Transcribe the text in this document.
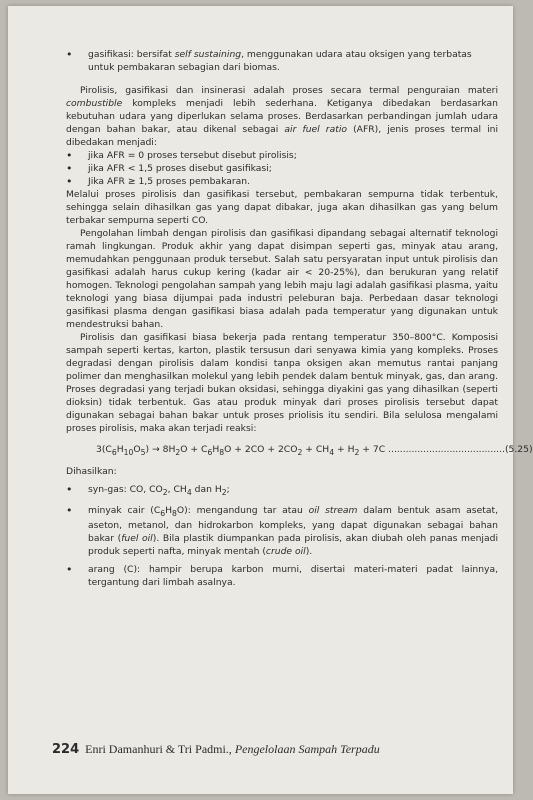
• gasifikasi: bersifat self sustaining, menggunakan udara atau oksigen yang terbatas untuk pembakaran sebagian dari biomas.

Pirolisis, gasifikasi dan insinerasi adalah proses secara termal penguraian materi combustible kompleks menjadi lebih sederhana. Ketiganya dibedakan berdasarkan kebutuhan udara yang diperlukan selama proses. Berdasarkan perbandingan jumlah udara dengan bahan bakar, atau dikenal sebagai air fuel ratio (AFR), jenis proses termal ini dibedakan menjadi:

• jika AFR = 0 proses tersebut disebut pirolisis;
• jika AFR < 1,5 proses disebut gasifikasi;
• Jika AFR ≥ 1,5 proses pembakaran.

Melalui proses pirolisis dan gasifikasi tersebut, pembakaran sempurna tidak terbentuk, sehingga selain dihasilkan gas yang dapat dibakar, juga akan dihasilkan gas yang belum terbakar sempurna seperti CO.

Pengolahan limbah dengan pirolisis dan gasifikasi dipandang sebagai alternatif teknologi ramah lingkungan. Produk akhir yang dapat disimpan seperti gas, minyak atau arang, memudahkan penggunaan produk tersebut. Salah satu persyaratan input untuk pirolisis dan gasifikasi adalah harus cukup kering (kadar air < 20-25%), dan berukuran yang relatif homogen. Teknologi pengolahan sampah yang lebih maju lagi adalah gasifikasi plasma, yaitu teknologi yang biasa dijumpai pada industri peleburan baja. Perbedaan dasar teknologi gasifikasi plasma dengan gasifikasi biasa adalah pada temperatur yang digunakan untuk mendestruksi bahan.

Pirolisis dan gasifikasi biasa bekerja pada rentang temperatur 350–800°C. Komposisi sampah seperti kertas, karton, plastik tersusun dari senyawa kimia yang kompleks. Proses degradasi dengan pirolisis dalam kondisi tanpa oksigen akan memutus rantai panjang polimer dan menghasilkan molekul yang lebih pendek dalam bentuk minyak, gas, dan arang. Proses degradasi yang terjadi bukan oksidasi, sehingga diyakini gas yang dihasilkan (seperti dioksin) tidak terbentuk. Gas atau produk minyak dari proses pirolisis tersebut dapat digunakan sebagai bahan bakar untuk proses priolisis itu sendiri. Bila selulosa mengalami proses pirolisis, maka akan terjadi reaksi:

$3(C_6H_{10}O_5) \to 8H_2O + C_6H_8O + 2CO + 2CO_2 + CH_4 + H_2 + 7C$ ........................................(5.25)

Dihasilkan:

• syn-gas: CO, $CO_2$, $CH_4$ dan $H_2$;
• minyak cair $(C_6H_8O)$: mengandung tar atau oil stream dalam bentuk asam asetat, aseton, metanol, dan hidrokarbon kompleks, yang dapat digunakan sebagai bahan bakar (fuel oil). Bila plastik diumpankan pada pirolisis, akan diubah oleh panas menjadi produk seperti nafta, minyak mentah (crude oil).
• arang (C): hampir berupa karbon murni, disertai materi-materi padat lainnya, tergantung dari limbah asalnya.
224 Enri Damanhuri & Tri Padmi., Pengelolaan Sampah Terpadu
